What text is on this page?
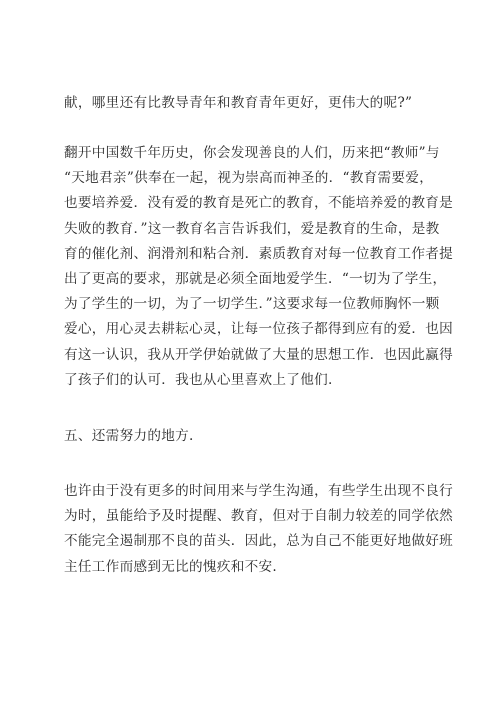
献，哪里还有比教导青年和教育青年更好，更伟大的呢?”
翻开中国数千年历史，你会发现善良的人们，历来把“教师”与
“天地君亲”供奉在一起，视为崇高而神圣的．“教育需要爱，
也要培养爱．没有爱的教育是死亡的教育，不能培养爱的教育是
失败的教育．”这一教育名言告诉我们，爱是教育的生命，是教
育的催化剂、润滑剂和粘合剂．素质教育对每一位教育工作者提
出了更高的要求，那就是必须全面地爱学生．“一切为了学生，
为了学生的一切，为了一切学生．”这要求每一位教师胸怀一颗
爱心，用心灵去耕耘心灵，让每一位孩子都得到应有的爱．也因
有这一认识，我从开学伊始就做了大量的思想工作．也因此赢得
了孩子们的认可．我也从心里喜欢上了他们.
五、还需努力的地方.
也许由于没有更多的时间用来与学生沟通，有些学生出现不良行
为时，虽能给予及时提醒、教育，但对于自制力较差的同学依然
不能完全遏制那不良的苗头．因此，总为自己不能更好地做好班
主任工作而感到无比的愧疚和不安.
